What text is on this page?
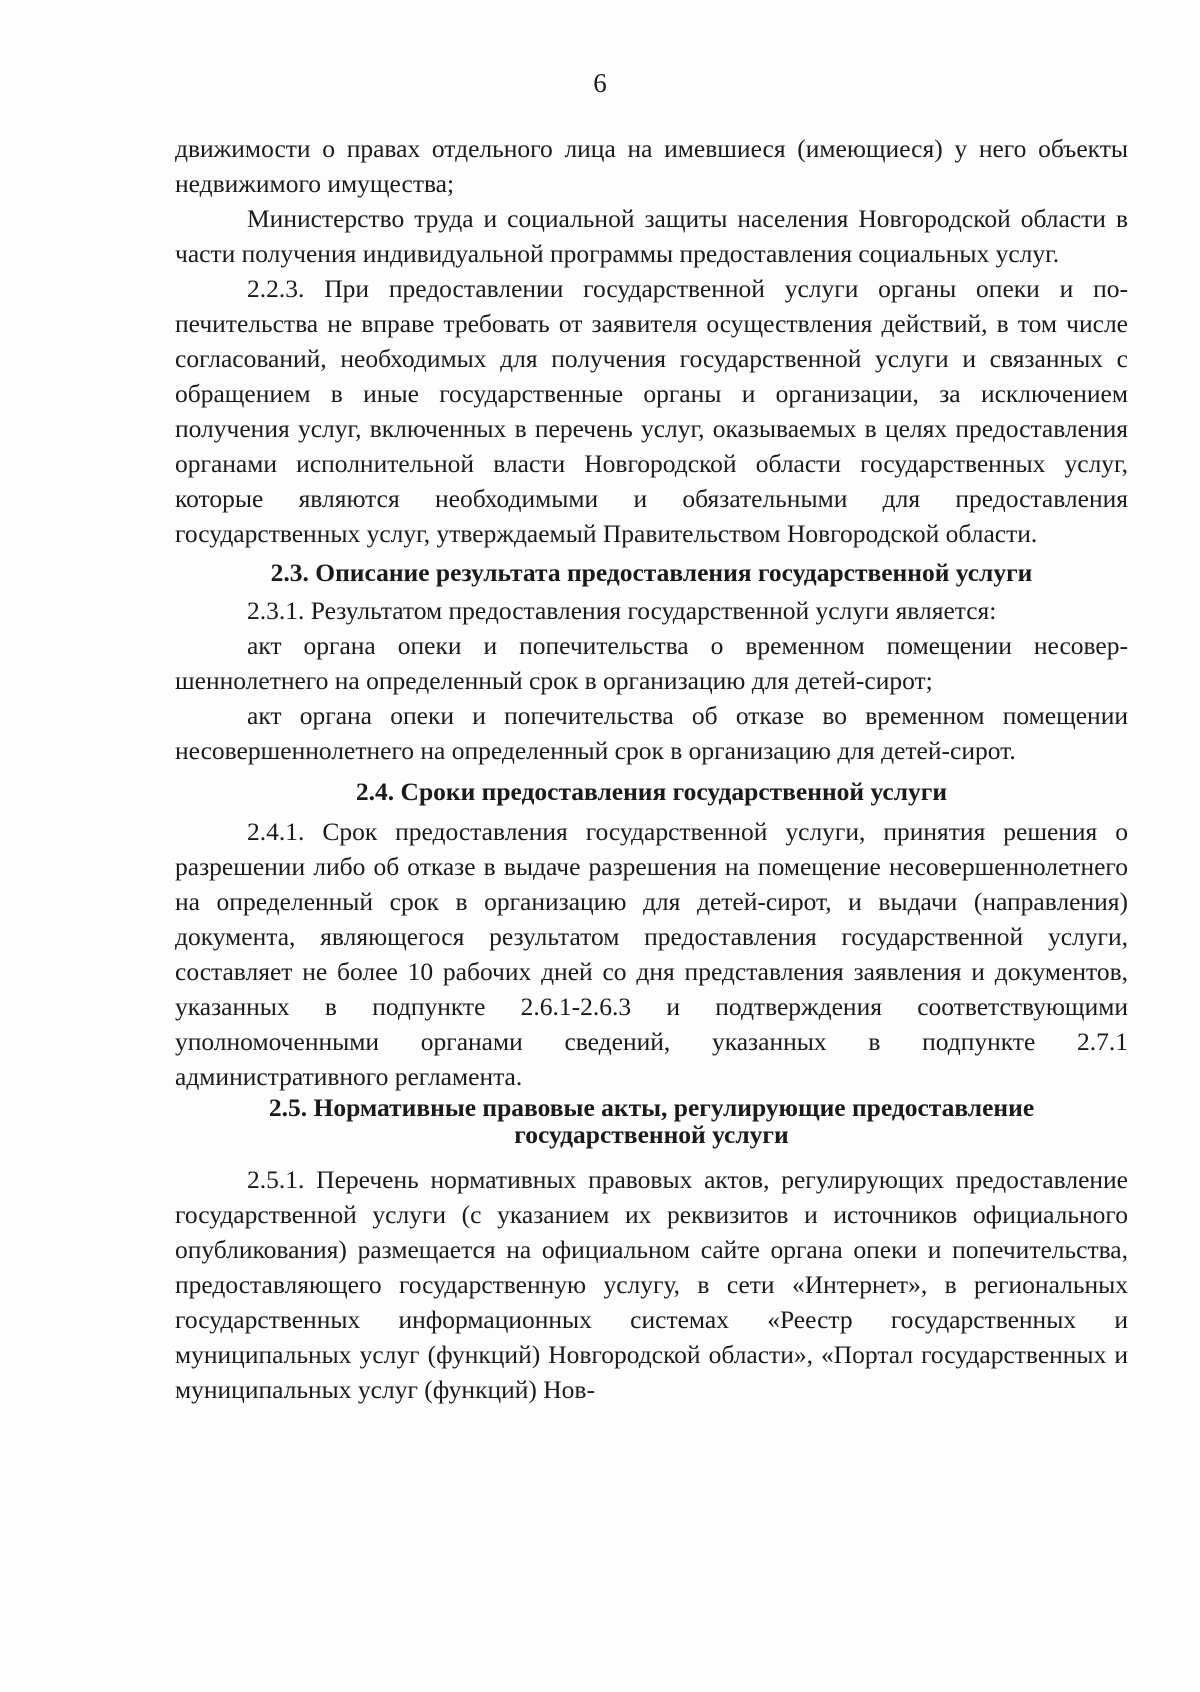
6

движимости о правах отдельного лица на имевшиеся (имеющиеся) у него объекты недвижимого имущества;

Министерство труда и социальной защиты населения Новгородской области в части получения индивидуальной программы предоставления социальных услуг.

2.2.3. При предоставлении государственной услуги органы опеки и попечительства не вправе требовать от заявителя осуществления действий, в том числе согласований, необходимых для получения государственной услуги и связанных с обращением в иные государственные органы и организации, за исключением получения услуг, включенных в перечень услуг, оказываемых в целях предоставления органами исполнительной власти Новгородской области государственных услуг, которые являются необходимыми и обязательными для предоставления государственных услуг, утверждаемый Правительством Новгородской области.

2.3. Описание результата предоставления государственной услуги

2.3.1. Результатом предоставления государственной услуги является:

акт органа опеки и попечительства о временном помещении несовершеннолетнего на определенный срок в организацию для детей-сирот;

акт органа опеки и попечительства об отказе во временном помещении несовершеннолетнего на определенный срок в организацию для детей-сирот.

2.4. Сроки предоставления государственной услуги

2.4.1. Срок предоставления государственной услуги, принятия решения о разрешении либо об отказе в выдаче разрешения на помещение несовершеннолетнего на определенный срок в организацию для детей-сирот, и выдачи (направления) документа, являющегося результатом предоставления государственной услуги, составляет не более 10 рабочих дней со дня представления заявления и документов, указанных в подпункте 2.6.1-2.6.3 и подтверждения соответствующими уполномоченными органами сведений, указанных в подпункте 2.7.1 административного регламента.

2.5. Нормативные правовые акты, регулирующие предоставление
государственной услуги

2.5.1. Перечень нормативных правовых актов, регулирующих предоставление государственной услуги (с указанием их реквизитов и источников официального опубликования) размещается на официальном сайте органа опеки и попечительства, предоставляющего государственную услугу, в сети «Интернет», в региональных государственных информационных системах «Реестр государственных и муниципальных услуг (функций) Новгородской области», «Портал государственных и муниципальных услуг (функций) Нов-
